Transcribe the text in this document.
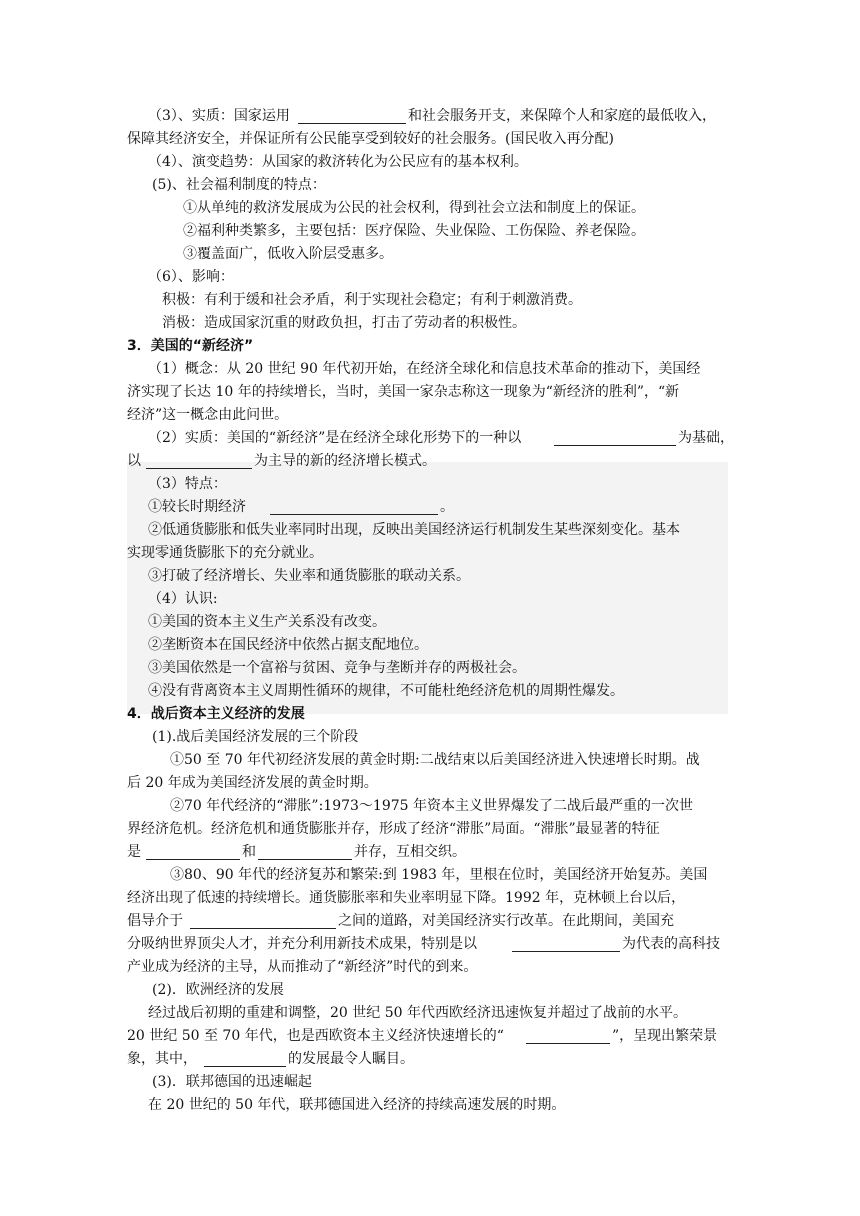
（3）、实质：国家运用	和社会服务开支，来保障个人和家庭的最低收入，
保障其经济安全，并保证所有公民能享受到较好的社会服务。(国民收入再分配)
（4）、演变趋势：从国家的救济转化为公民应有的基本权利。
(5)、社会福利制度的特点：
①从单纯的救济发展成为公民的社会权利，得到社会立法和制度上的保证。
②福利种类繁多，主要包括：医疗保险、失业保险、工伤保险、养老保险。
③覆盖面广，低收入阶层受惠多。
（6）、影响：
积极：有利于缓和社会矛盾，利于实现社会稳定；有利于刺激消费。
消极：造成国家沉重的财政负担，打击了劳动者的积极性。
3．美国的“新经济”
（1）概念：从 20 世纪 90 年代初开始，在经济全球化和信息技术革命的推动下，美国经
济实现了长达 10 年的持续增长，当时，美国一家杂志称这一现象为“新经济的胜利”，“新
经济”这一概念由此问世。
（2）实质：美国的“新经济”是在经济全球化形势下的一种以	为基础，
以	为主导的新的经济增长模式。
（3）特点：
①较长时期经济	。
②低通货膨胀和低失业率同时出现，反映出美国经济运行机制发生某些深刻变化。基本
实现零通货膨胀下的充分就业。
③打破了经济增长、失业率和通货膨胀的联动关系。
（4）认识:
①美国的资本主义生产关系没有改变。
②垄断资本在国民经济中依然占据支配地位。
③美国依然是一个富裕与贫困、竞争与垄断并存的两极社会。
④没有背离资本主义周期性循环的规律，不可能杜绝经济危机的周期性爆发。
4．战后资本主义经济的发展
(1).战后美国经济发展的三个阶段
①50 至 70 年代初经济发展的黄金时期:二战结束以后美国经济进入快速增长时期。战
后 20 年成为美国经济发展的黄金时期。
②70 年代经济的“滞胀”:1973～1975 年资本主义世界爆发了二战后最严重的一次世
界经济危机。经济危机和通货膨胀并存，形成了经济“滞胀”局面。“滞胀”最显著的特征
是	和	并存，互相交织。
③80、90 年代的经济复苏和繁荣:到 1983 年，里根在位时，美国经济开始复苏。美国
经济出现了低速的持续增长。通货膨胀率和失业率明显下降。1992 年，克林顿上台以后，
倡导介于	之间的道路，对美国经济实行改革。在此期间，美国充
分吸纳世界顶尖人才，并充分利用新技术成果，特别是以	为代表的高科技
产业成为经济的主导，从而推动了“新经济”时代的到来。
(2)．欧洲经济的发展
经过战后初期的重建和调整，20 世纪 50 年代西欧经济迅速恢复并超过了战前的水平。
20 世纪 50 至 70 年代，也是西欧资本主义经济快速增长的“	”，呈现出繁荣景
象，其中，	的发展最令人瞩目。
(3)．联邦德国的迅速崛起
在 20 世纪的 50 年代，联邦德国进入经济的持续高速发展的时期。
